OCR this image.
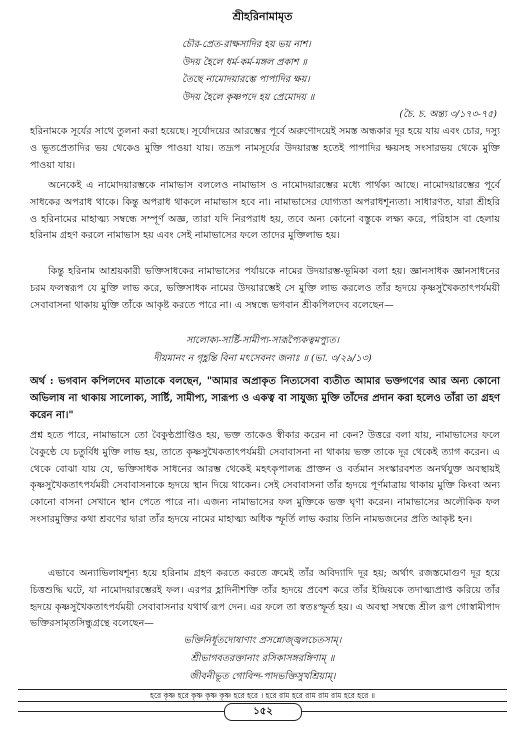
শ্রীহরিনামামৃত
চৌর-প্রেত-রাক্ষসাদির হয় ভয় নাশ।
উদয় হৈলে ধর্ম-কর্ম-মঙ্গল প্রকাশ ॥
তৈছে নামোদয়ারম্ভে পাপাদির ক্ষয়।
উদয় হৈলে কৃষ্ণপদে হয় প্রেমোদয় ॥
(চৈ. চ. অন্ত্য ৩/১৭৩-৭৫)
হরিনামকে সূর্যের সাথে তুলনা করা হয়েছে। সূর্যোদয়ের আরম্ভের পূর্বে অরুণোদয়েই সমস্ত অন্ধকার দূর হয়ে যায় এবং চোর, দস্যু ও ভূতপ্রেতাদির ভয় থেকেও মুক্তি পাওয়া যায়। তদ্রূপ নামসূর্যের উদয়ারম্ভ হতেই পাপাদির ক্ষয়সহ সংসারভয় থেকে মুক্তি পাওয়া যায়।
অনেকেই এ নামোদয়ারম্ভকে নামাভাস বললেও নামাভাস ও নামোদয়ারম্ভের মধ্যে পার্থক্য আছে। নামোদয়ারম্ভের পূর্বে সাধকের অপরাধ থাকে। কিন্তু অপরাধ থাকলে নামাভাস হবে না। নামাভাসের যোগ্যতা অপরাধশূন্যতা। সাধারণত, যারা শ্রীহরি ও হরিনামের মাহাত্ম্য সম্বন্ধে সম্পূর্ণ অজ্ঞ, তারা যদি নিরপরাধ হয়, তবে অন্য কোনো বস্তুকে লক্ষ্য করে, পরিহাস বা হেলায় হরিনাম গ্রহণ করলে নামাভাস হয় এবং সেই নামাভাসের ফলে তাদের মুক্তিলাভ হয়।
কিন্তু হরিনাম আশ্রয়কারী ভক্তিসাধকের নামাভাসের পর্যায়কে নামের উদয়ারম্ভ-ভূমিকা বলা হয়। জ্ঞানসাধক জ্ঞানসাধনের চরম ফলস্বরূপ যে মুক্তি লাভ করে, ভক্তিসাধক নামের উদয়ারম্ভেই সে মুক্তি লাভ করলেও তাঁর হৃদয়ে কৃষ্ণসুখৈকতাৎপর্যময়ী সেবাবাসনা থাকায় মুক্তি তাঁকে আকৃষ্ট করতে পারে না। এ সম্বন্ধে ভগবান শ্রীকপিলদেব বলেছেন—
সালোক্য-সার্ষ্টি-সামীপ্য-সারূপ্যৈকত্বমপ্যুত।
দীয়মানং ন গৃহ্ণন্তি বিনা মৎসেবনং জনাঃ ॥ (ভা. ৩/২৯/১৩)
অর্থ : ভগবান কপিলদেব মাতাকে বলছেন, "আমার অপ্রাকৃত নিত্যসেবা ব্যতীত আমার ভক্তগণের আর অন্য কোনো অভিলাষ না থাকায় সালোক্য, সার্ষ্টি, সামীপ্য, সারূপ্য ও একত্ব বা সাযুজ্য মুক্তি তাঁদের প্রদান করা হলেও তাঁরা তা গ্রহণ করেন না।"
প্রশ্ন হতে পারে, নামাভাসে তো বৈকুণ্ঠপ্রাপ্তিও হয়, ভক্ত তাকেও স্বীকার করেন না কেন? উত্তরে বলা যায়, নামাভাসের ফলে বৈকুণ্ঠে যে চতুর্বিধ মুক্তি লাভ হয়, তাতে কৃষ্ণসুখৈকতাৎপর্যময়ী সেবাবাসনা না থাকায় ভক্ত তাকে দূর থেকেই ত্যাগ করেন। এ থেকে বোঝা যায় যে, ভক্তিসাধক সাধনের আরম্ভ থেকেই মহৎকৃপালব্ধ প্রাক্তন ও বর্তমান সংস্কারবশত অনর্থযুক্ত অবস্থায়ই কৃষ্ণসুখৈকতাৎপর্যময়ী সেবাবাসনাকে হৃদয়ে স্থান দিয়ে থাকেন। সেই সেবাবাসনা তাঁর হৃদয়ে পূর্ণমাত্রায় থাকায় মুক্তি কিংবা অন্য কোনো বাসনা সেখানে স্থান পেতে পারে না। এজন্য নামাভাসের ফল মুক্তিকে ভক্ত ঘৃণা করেন। নামাভাসের অলৌকিক ফল সংসারমুক্তির কথা শ্রবণের দ্বারা তাঁর হৃদয়ে নামের মাহাত্ম্য অধিক স্ফূর্তি লাভ করায় তিনি নামভজনের প্রতি আকৃষ্ট হন।
এভাবে অন্যাভিলাষশূন্য হয়ে হরিনাম গ্রহণ করতে করতে ক্রমেই তাঁর অবিদ্যাদি দূর হয়; অর্থাৎ রজস্তমোগুণ দূর হয়ে চিত্তশুদ্ধি ঘটে, যা নামোদয়ারম্ভেরই ফল। এরপর হ্লাদিনীশক্তি তাঁর হৃদয়ে প্রবেশ করে তাঁর ইন্দ্রিয়কে তদাত্ম্যপ্রাপ্ত করিয়ে তাঁর হৃদয়ে কৃষ্ণসুখৈকতাৎপর্যময়ী সেবাবাসনার যথার্থ রূপ দেন। এর ফলে তা স্বতঃস্ফূর্ত হয়। এ অবস্থা সম্বন্ধে শ্রীল রূপ গোস্বামীপাদ ভক্তিরসামৃতসিন্ধুগ্রন্থে বলেছেন—
ভক্তিনির্ধূতদোষাণাং প্রসন্নোজ্জ্বলচেতসাম্।
শ্রীভাগবতরক্তানাং রসিকাসঙ্গরঙ্গিণাম্ ॥
জীবনীভূত গোবিন্দ-পাদভক্তিসুখশ্রিয়াম্।
হরে কৃষ্ণ হরে কৃষ্ণ কৃষ্ণ কৃষ্ণ হরে হরে । হরে রাম হরে রাম রাম রাম হরে হরে ॥
১৫২
